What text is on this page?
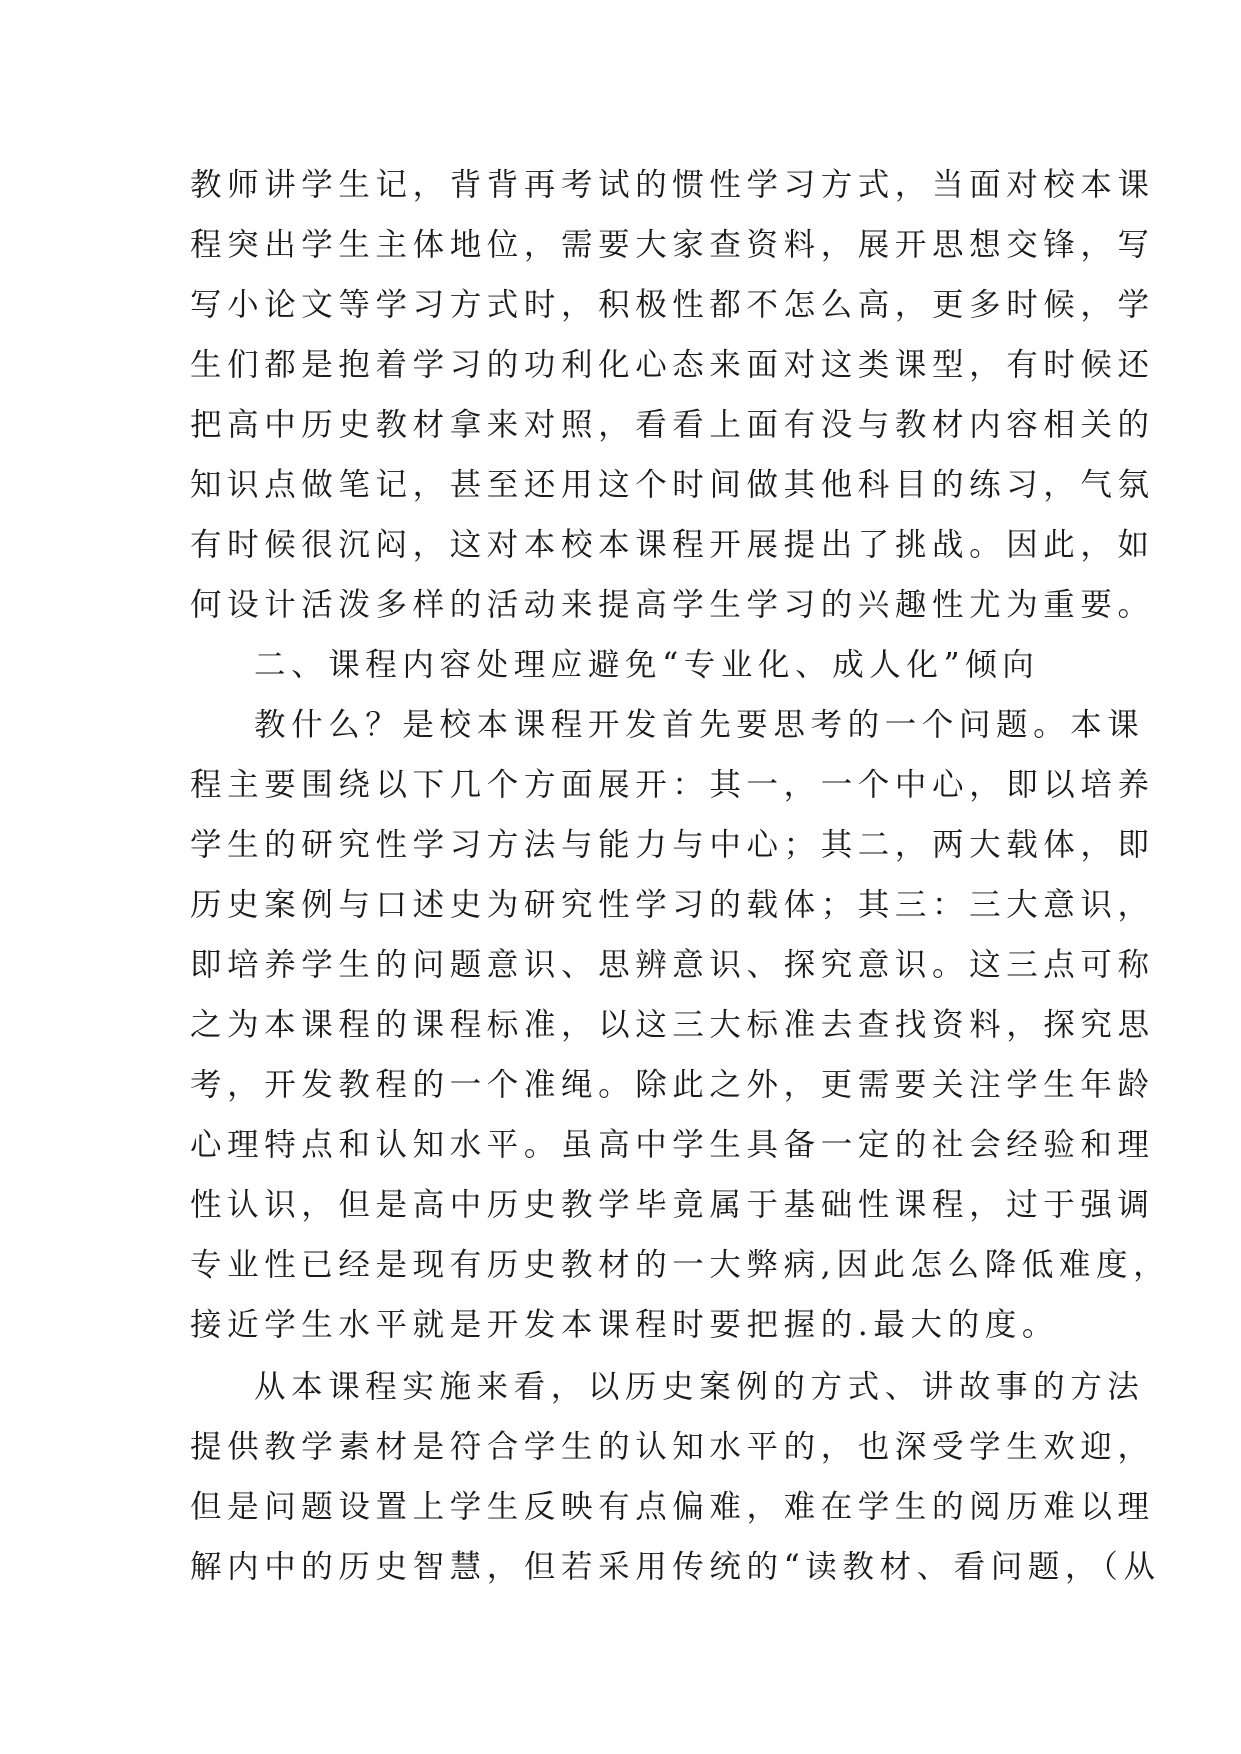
教师讲学生记，背背再考试的惯性学习方式，当面对校本课
程突出学生主体地位，需要大家查资料，展开思想交锋，写
写小论文等学习方式时，积极性都不怎么高，更多时候，学
生们都是抱着学习的功利化心态来面对这类课型，有时候还
把高中历史教材拿来对照，看看上面有没与教材内容相关的
知识点做笔记，甚至还用这个时间做其他科目的练习，气氛
有时候很沉闷，这对本校本课程开展提出了挑战。因此，如
何设计活泼多样的活动来提高学生学习的兴趣性尤为重要。
二、课程内容处理应避免“专业化、成人化”倾向
教什么？是校本课程开发首先要思考的一个问题。本课
程主要围绕以下几个方面展开：其一，一个中心，即以培养
学生的研究性学习方法与能力与中心；其二，两大载体，即
历史案例与口述史为研究性学习的载体；其三：三大意识，
即培养学生的问题意识、思辨意识、探究意识。这三点可称
之为本课程的课程标准，以这三大标准去查找资料，探究思
考，开发教程的一个准绳。除此之外，更需要关注学生年龄
心理特点和认知水平。虽高中学生具备一定的社会经验和理
性认识，但是高中历史教学毕竟属于基础性课程，过于强调
专业性已经是现有历史教材的一大弊病,因此怎么降低难度，
接近学生水平就是开发本课程时要把握的.最大的度。
从本课程实施来看，以历史案例的方式、讲故事的方法
提供教学素材是符合学生的认知水平的，也深受学生欢迎，
但是问题设置上学生反映有点偏难，难在学生的阅历难以理
解内中的历史智慧，但若采用传统的“读教材、看问题，（从
